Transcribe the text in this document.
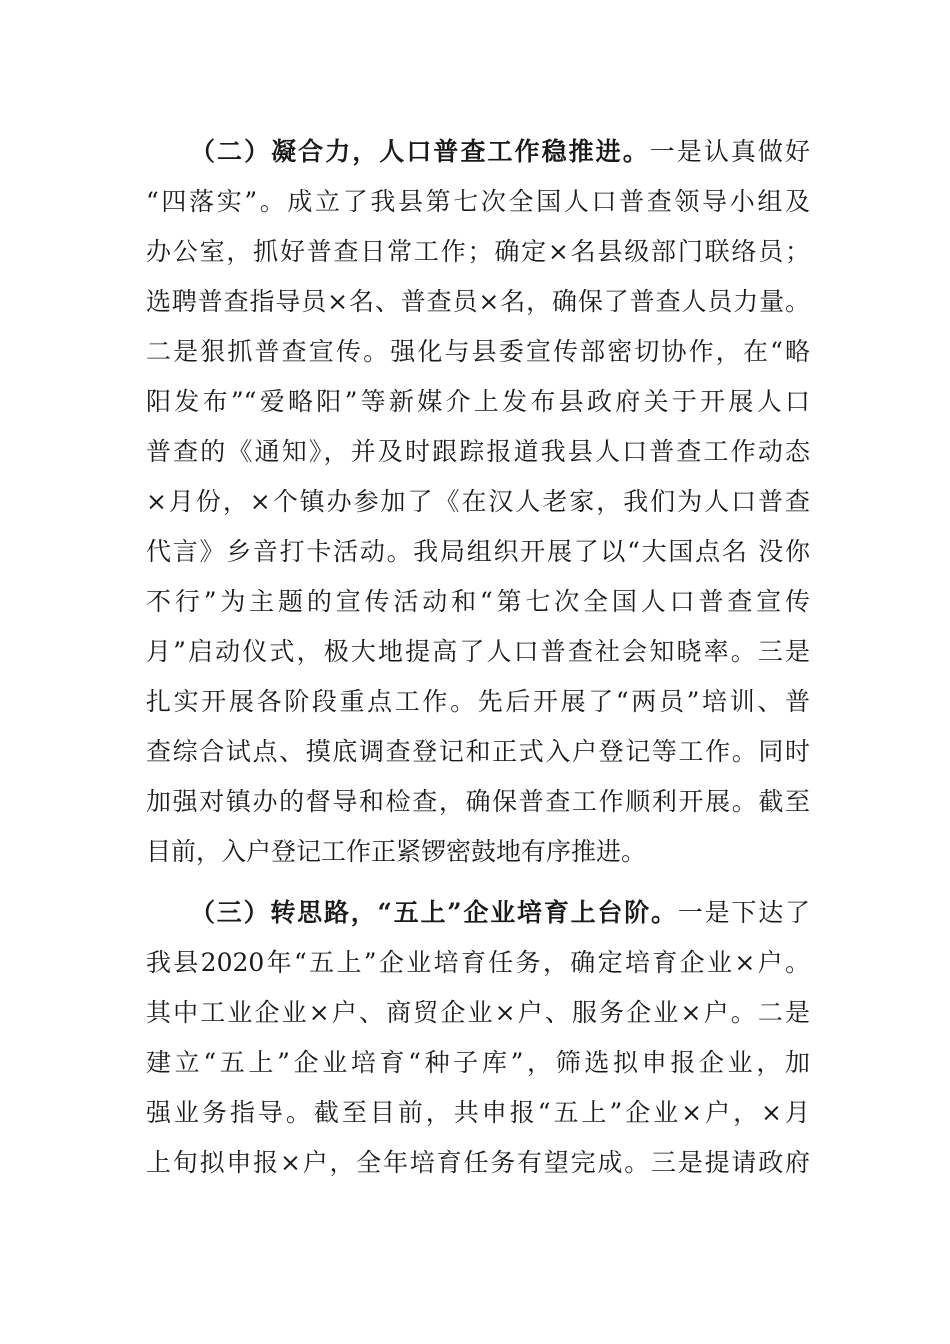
（二）凝合力，人口普查工作稳推进。一是认真做好
“四落实”。成立了我县第七次全国人口普查领导小组及
办公室，抓好普查日常工作；确定×名县级部门联络员；
选聘普查指导员×名、普查员×名，确保了普查人员力量。
二是狠抓普查宣传。强化与县委宣传部密切协作，在“略
阳发布”“爱略阳”等新媒介上发布县政府关于开展人口
普查的《通知》，并及时跟踪报道我县人口普查工作动态
×月份，×个镇办参加了《在汉人老家，我们为人口普查
代言》乡音打卡活动。我局组织开展了以“大国点名 没你
不行”为主题的宣传活动和“第七次全国人口普查宣传
月”启动仪式，极大地提高了人口普查社会知晓率。三是
扎实开展各阶段重点工作。先后开展了“两员”培训、普
查综合试点、摸底调查登记和正式入户登记等工作。同时
加强对镇办的督导和检查，确保普查工作顺利开展。截至
目前，入户登记工作正紧锣密鼓地有序推进。
（三）转思路，“五上”企业培育上台阶。一是下达了
我县2020年“五上”企业培育任务，确定培育企业×户。
其中工业企业×户、商贸企业×户、服务企业×户。二是
建立“五上”企业培育“种子库”，筛选拟申报企业，加
强业务指导。截至目前，共申报“五上”企业×户，×月
上旬拟申报×户，全年培育任务有望完成。三是提请政府
